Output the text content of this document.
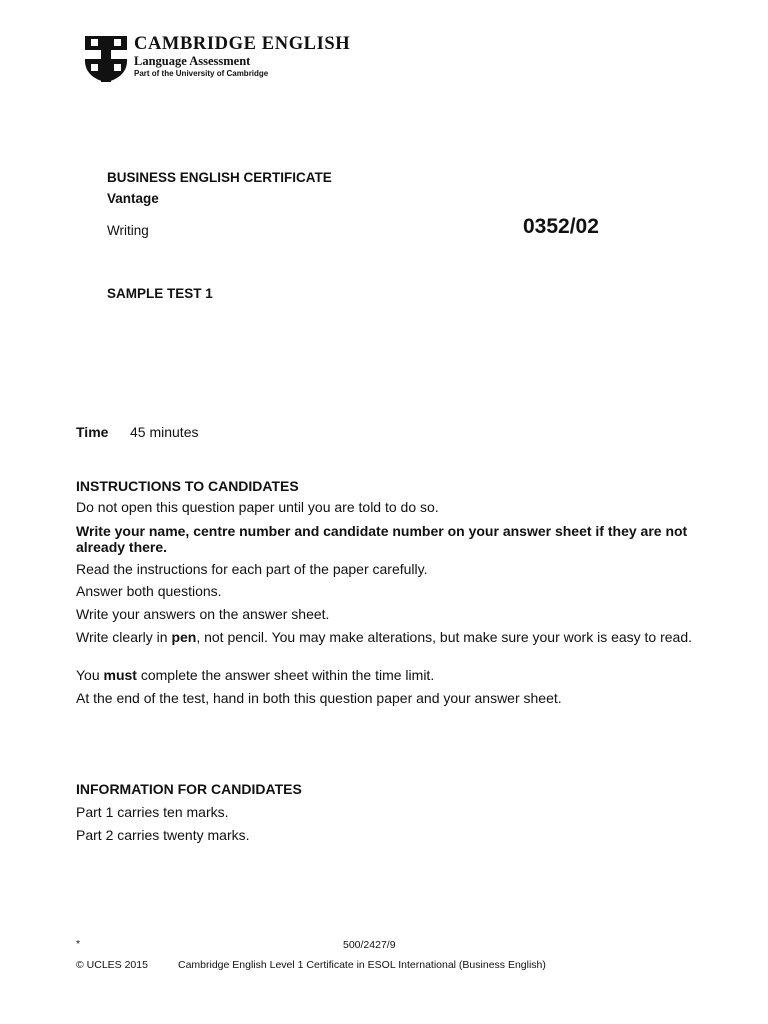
CAMBRIDGE ENGLISH
Language Assessment
Part of the University of Cambridge
BUSINESS ENGLISH CERTIFICATE
Vantage
Writing	0352/02
SAMPLE TEST 1
Time 45 minutes
INSTRUCTIONS TO CANDIDATES
Do not open this question paper until you are told to do so.
Write your name, centre number and candidate number on your answer sheet if they are not already there.
Read the instructions for each part of the paper carefully.
Answer both questions.
Write your answers on the answer sheet.
Write clearly in pen, not pencil. You may make alterations, but make sure your work is easy to read.
You must complete the answer sheet within the time limit.
At the end of the test, hand in both this question paper and your answer sheet.
INFORMATION FOR CANDIDATES
Part 1 carries ten marks.
Part 2 carries twenty marks.
*	500/2427/9
© UCLES 2015	Cambridge English Level 1 Certificate in ESOL International (Business English)
